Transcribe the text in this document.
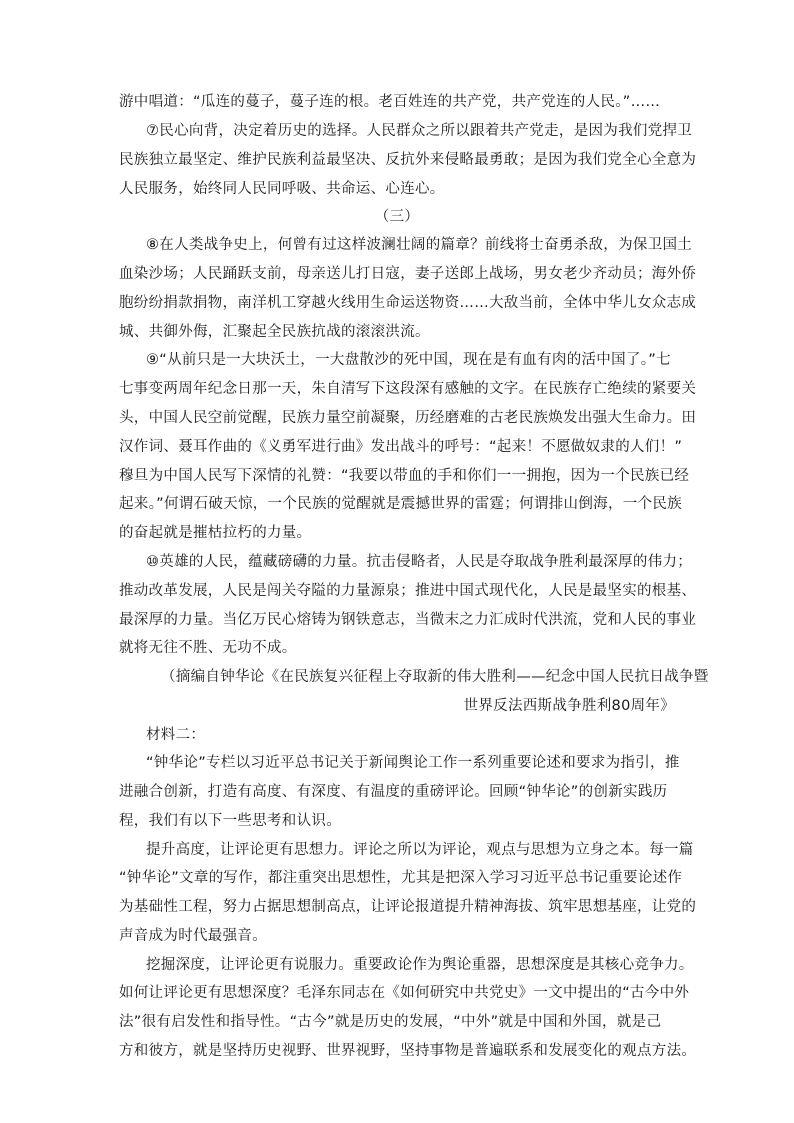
游中唱道：“瓜连的蔓子，蔓子连的根。老百姓连的共产党，共产党连的人民。”……
⑦民心向背，决定着历史的选择。人民群众之所以跟着共产党走，是因为我们党捍卫
民族独立最坚定、维护民族利益最坚决、反抗外来侵略最勇敢；是因为我们党全心全意为
人民服务，始终同人民同呼吸、共命运、心连心。
（三）
⑧在人类战争史上，何曾有过这样波澜壮阔的篇章？前线将士奋勇杀敌，为保卫国土
血染沙场；人民踊跃支前，母亲送儿打日寇，妻子送郎上战场，男女老少齐动员；海外侨
胞纷纷捐款捐物，南洋机工穿越火线用生命运送物资……大敌当前，全体中华儿女众志成
城、共御外侮，汇聚起全民族抗战的滚滚洪流。
⑨“从前只是一大块沃土，一大盘散沙的死中国，现在是有血有肉的活中国了。”七
七事变两周年纪念日那一天，朱自清写下这段深有感触的文字。在民族存亡绝续的紧要关
头，中国人民空前觉醒，民族力量空前凝聚，历经磨难的古老民族焕发出强大生命力。田
汉作词、聂耳作曲的《义勇军进行曲》发出战斗的呼号：“起来！不愿做奴隶的人们！”
穆旦为中国人民写下深情的礼赞：“我要以带血的手和你们一一拥抱，因为一个民族已经
起来。”何谓石破天惊，一个民族的觉醒就是震撼世界的雷霆；何谓排山倒海，一个民族
的奋起就是摧枯拉朽的力量。
⑩英雄的人民，蕴藏磅礴的力量。抗击侵略者，人民是夺取战争胜利最深厚的伟力；
推动改革发展，人民是闯关夺隘的力量源泉；推进中国式现代化，人民是最坚实的根基、
最深厚的力量。当亿万民心熔铸为钢铁意志，当微末之力汇成时代洪流，党和人民的事业
就将无往不胜、无功不成。
（摘编自钟华论《在民族复兴征程上夺取新的伟大胜利——纪念中国人民抗日战争暨
世界反法西斯战争胜利80周年》
材料二：
“钟华论”专栏以习近平总书记关于新闻舆论工作一系列重要论述和要求为指引，推
进融合创新，打造有高度、有深度、有温度的重磅评论。回顾“钟华论”的创新实践历
程，我们有以下一些思考和认识。
提升高度，让评论更有思想力。评论之所以为评论，观点与思想为立身之本。每一篇
“钟华论”文章的写作，都注重突出思想性，尤其是把深入学习习近平总书记重要论述作
为基础性工程，努力占据思想制高点，让评论报道提升精神海拔、筑牢思想基座，让党的
声音成为时代最强音。
挖掘深度，让评论更有说服力。重要政论作为舆论重器，思想深度是其核心竞争力。
如何让评论更有思想深度？毛泽东同志在《如何研究中共党史》一文中提出的“古今中外
法”很有启发性和指导性。“古今”就是历史的发展，“中外”就是中国和外国，就是己
方和彼方，就是坚持历史视野、世界视野，坚持事物是普遍联系和发展变化的观点方法。
